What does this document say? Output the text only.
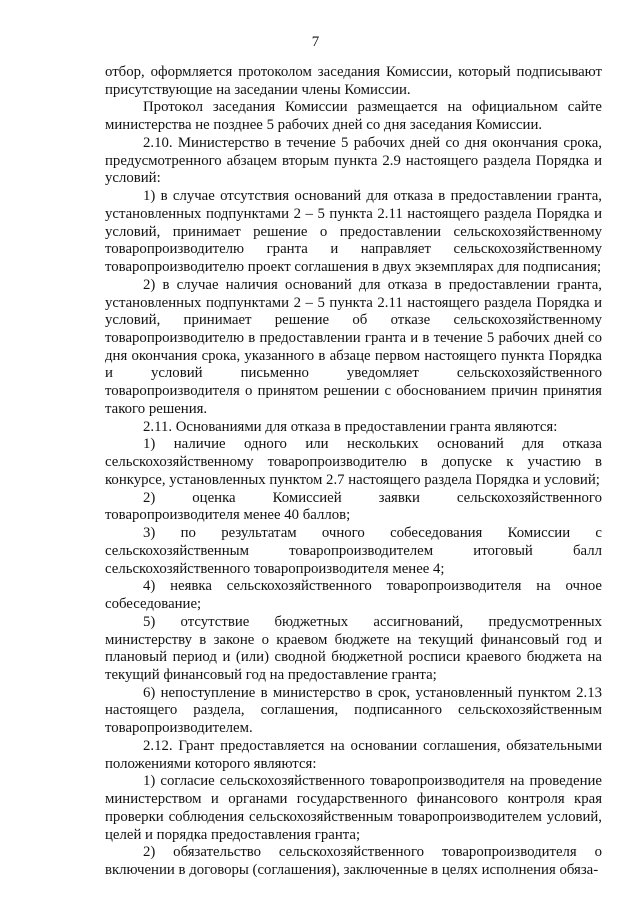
7

отбор, оформляется протоколом заседания Комиссии, который подписывают присутствующие на заседании члены Комиссии.

Протокол заседания Комиссии размещается на официальном сайте министерства не позднее 5 рабочих дней со дня заседания Комиссии.

2.10. Министерство в течение 5 рабочих дней со дня окончания срока, предусмотренного абзацем вторым пункта 2.9 настоящего раздела Порядка и условий:

1) в случае отсутствия оснований для отказа в предоставлении гранта, установленных подпунктами 2 – 5 пункта 2.11 настоящего раздела Порядка и условий, принимает решение о предоставлении сельскохозяйственному товаропроизводителю гранта и направляет сельскохозяйственному товаропроизводителю проект соглашения в двух экземплярах для подписания;

2) в случае наличия оснований для отказа в предоставлении гранта, установленных подпунктами 2 – 5 пункта 2.11 настоящего раздела Порядка и условий, принимает решение об отказе сельскохозяйственному товаропроизводителю в предоставлении гранта и в течение 5 рабочих дней со дня окончания срока, указанного в абзаце первом настоящего пункта Порядка и условий письменно уведомляет сельскохозяйственного товаропроизводителя о принятом решении с обоснованием причин принятия такого решения.

2.11. Основаниями для отказа в предоставлении гранта являются:

1) наличие одного или нескольких оснований для отказа сельскохозяйственному товаропроизводителю в допуске к участию в конкурсе, установленных пунктом 2.7 настоящего раздела Порядка и условий;

2) оценка Комиссией заявки сельскохозяйственного товаропроизводителя менее 40 баллов;

3) по результатам очного собеседования Комиссии с сельскохозяйственным товаропроизводителем итоговый балл сельскохозяйственного товаропроизводителя менее 4;

4) неявка сельскохозяйственного товаропроизводителя на очное собеседование;

5) отсутствие бюджетных ассигнований, предусмотренных министерству в законе о краевом бюджете на текущий финансовый год и плановый период и (или) сводной бюджетной росписи краевого бюджета на текущий финансовый год на предоставление гранта;

6) непоступление в министерство в срок, установленный пунктом 2.13 настоящего раздела, соглашения, подписанного сельскохозяйственным товаропроизводителем.

2.12. Грант предоставляется на основании соглашения, обязательными положениями которого являются:

1) согласие сельскохозяйственного товаропроизводителя на проведение министерством и органами государственного финансового контроля края проверки соблюдения сельскохозяйственным товаропроизводителем условий, целей и порядка предоставления гранта;

2) обязательство сельскохозяйственного товаропроизводителя о включении в договоры (соглашения), заключенные в целях исполнения обяза-
